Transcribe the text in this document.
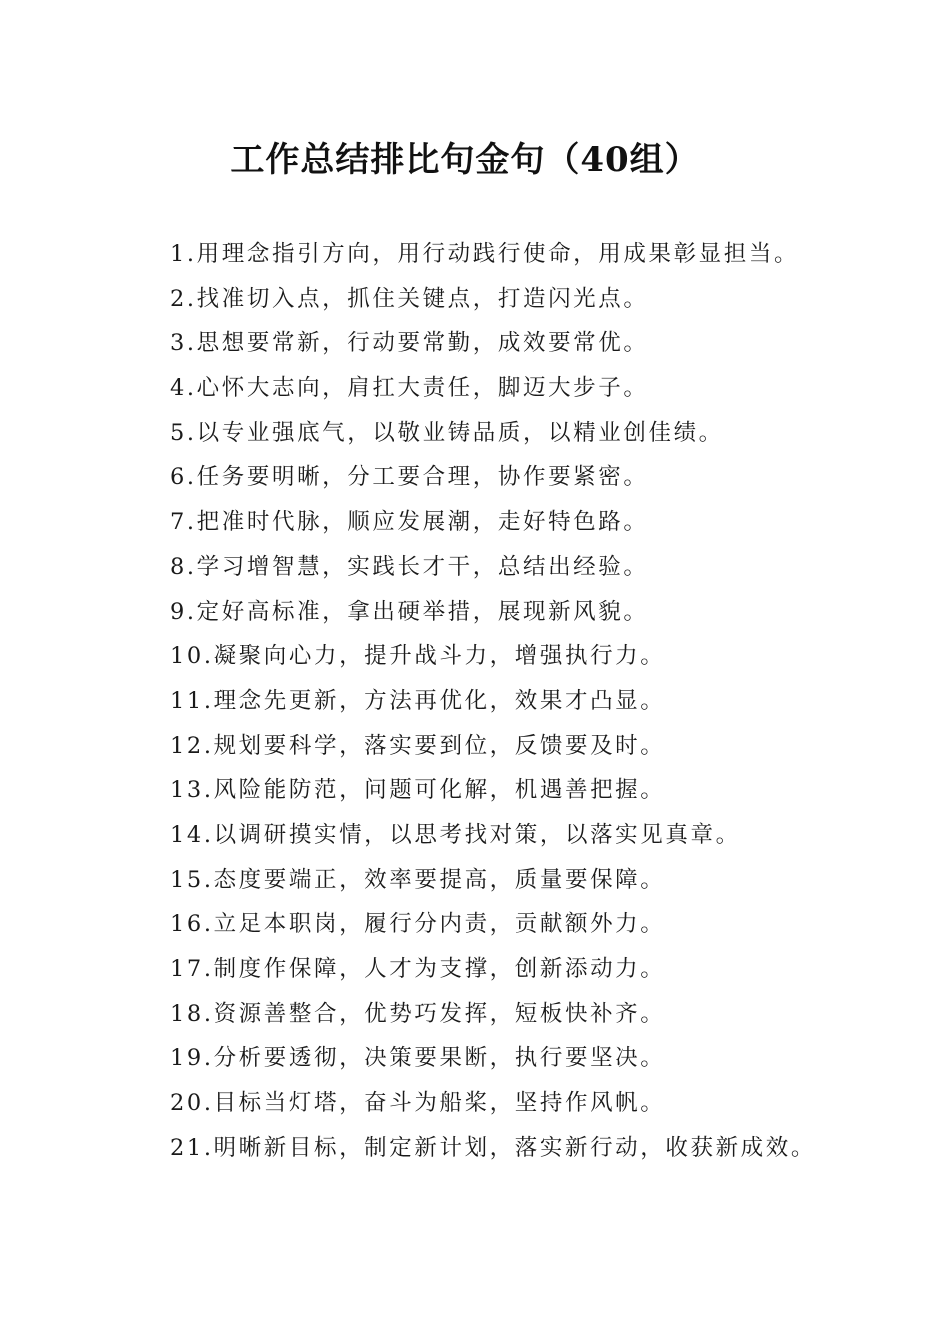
工作总结排比句金句（40组）
1.用理念指引方向，用行动践行使命，用成果彰显担当。
2.找准切入点，抓住关键点，打造闪光点。
3.思想要常新，行动要常勤，成效要常优。
4.心怀大志向，肩扛大责任，脚迈大步子。
5.以专业强底气，以敬业铸品质，以精业创佳绩。
6.任务要明晰，分工要合理，协作要紧密。
7.把准时代脉，顺应发展潮，走好特色路。
8.学习增智慧，实践长才干，总结出经验。
9.定好高标准，拿出硬举措，展现新风貌。
10.凝聚向心力，提升战斗力，增强执行力。
11.理念先更新，方法再优化，效果才凸显。
12.规划要科学，落实要到位，反馈要及时。
13.风险能防范，问题可化解，机遇善把握。
14.以调研摸实情，以思考找对策，以落实见真章。
15.态度要端正，效率要提高，质量要保障。
16.立足本职岗，履行分内责，贡献额外力。
17.制度作保障，人才为支撑，创新添动力。
18.资源善整合，优势巧发挥，短板快补齐。
19.分析要透彻，决策要果断，执行要坚决。
20.目标当灯塔，奋斗为船桨，坚持作风帆。
21.明晰新目标，制定新计划，落实新行动，收获新成效。
